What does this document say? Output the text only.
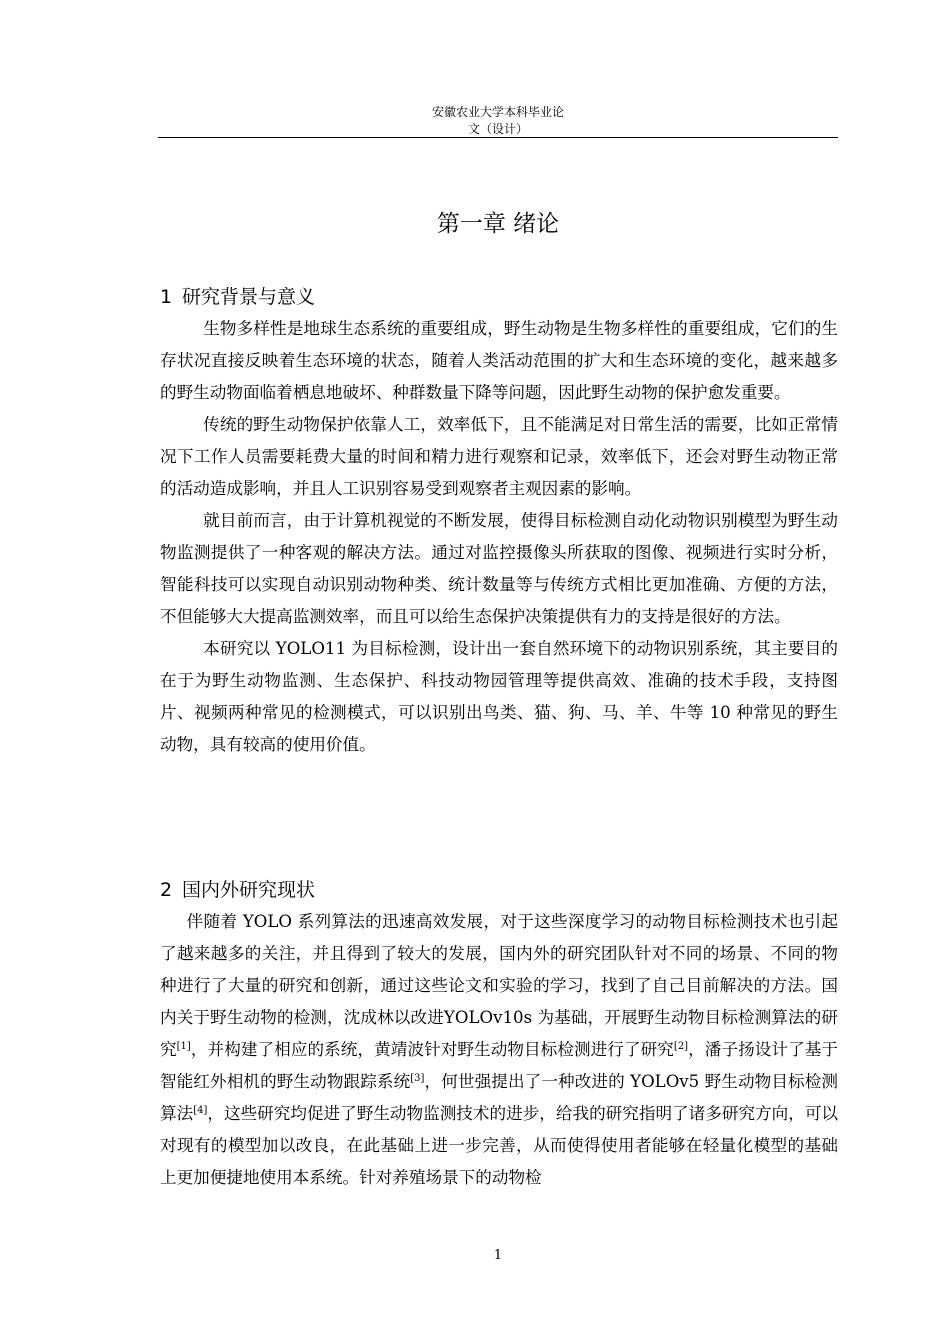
安徽农业大学本科毕业论
文（设计）
第一章 绪论
1 研究背景与意义

生物多样性是地球生态系统的重要组成，野生动物是生物多样性的重要组成，它们的生存状况直接反映着生态环境的状态，随着人类活动范围的扩大和生态环境的变化，越来越多的野生动物面临着栖息地破坏、种群数量下降等问题，因此野生动物的保护愈发重要。

传统的野生动物保护依靠人工，效率低下，且不能满足对日常生活的需要，比如正常情况下工作人员需要耗费大量的时间和精力进行观察和记录，效率低下，还会对野生动物正常的活动造成影响，并且人工识别容易受到观察者主观因素的影响。

就目前而言，由于计算机视觉的不断发展，使得目标检测自动化动物识别模型为野生动物监测提供了一种客观的解决方法。通过对监控摄像头所获取的图像、视频进行实时分析，智能科技可以实现自动识别动物种类、统计数量等与传统方式相比更加准确、方便的方法，不但能够大大提高监测效率，而且可以给生态保护决策提供有力的支持是很好的方法。

本研究以 YOLO11 为目标检测，设计出一套自然环境下的动物识别系统，其主要目的在于为野生动物监测、生态保护、科技动物园管理等提供高效、准确的技术手段，支持图片、视频两种常见的检测模式，可以识别出鸟类、猫、狗、马、羊、牛等 10 种常见的野生动物，具有较高的使用价值。

2 国内外研究现状

伴随着 YOLO 系列算法的迅速高效发展，对于这些深度学习的动物目标检测技术也引起了越来越多的关注，并且得到了较大的发展，国内外的研究团队针对不同的场景、不同的物种进行了大量的研究和创新，通过这些论文和实验的学习，找到了自己目前解决的方法。国内关于野生动物的检测，沈成林以改进YOLOv10s 为基础，开展野生动物目标检测算法的研究[1]，并构建了相应的系统，黄靖波针对野生动物目标检测进行了研究[2]，潘子扬设计了基于智能红外相机的野生动物跟踪系统[3]，何世强提出了一种改进的 YOLOv5 野生动物目标检测算法[4]，这些研究均促进了野生动物监测技术的进步，给我的研究指明了诸多研究方向，可以对现有的模型加以改良，在此基础上进一步完善，从而使得使用者能够在轻量化模型的基础上更加便捷地使用本系统。针对养殖场景下的动物检

1
